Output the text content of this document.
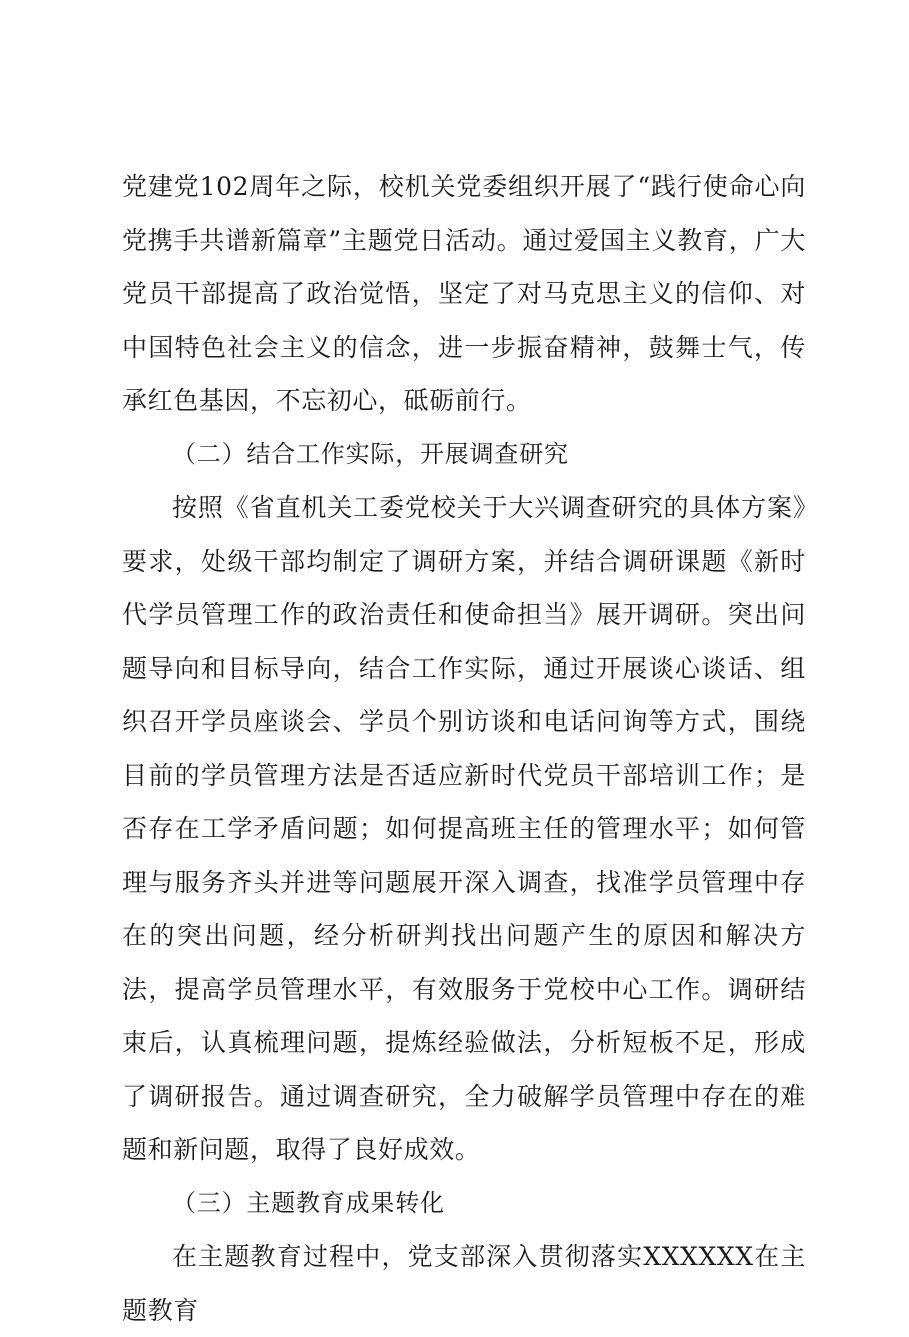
党建党102周年之际，校机关党委组织开展了“践行使命心向党携手共谱新篇章”主题党日活动。通过爱国主义教育，广大党员干部提高了政治觉悟，坚定了对马克思主义的信仰、对中国特色社会主义的信念，进一步振奋精神，鼓舞士气，传承红色基因，不忘初心，砥砺前行。

（二）结合工作实际，开展调查研究

按照《省直机关工委党校关于大兴调查研究的具体方案》要求，处级干部均制定了调研方案，并结合调研课题《新时代学员管理工作的政治责任和使命担当》展开调研。突出问题导向和目标导向，结合工作实际，通过开展谈心谈话、组织召开学员座谈会、学员个别访谈和电话问询等方式，围绕目前的学员管理方法是否适应新时代党员干部培训工作；是否存在工学矛盾问题；如何提高班主任的管理水平；如何管理与服务齐头并进等问题展开深入调查，找准学员管理中存在的突出问题，经分析研判找出问题产生的原因和解决方法，提高学员管理水平，有效服务于党校中心工作。调研结束后，认真梳理问题，提炼经验做法，分析短板不足，形成了调研报告。通过调查研究，全力破解学员管理中存在的难题和新问题，取得了良好成效。

（三）主题教育成果转化

在主题教育过程中，党支部深入贯彻落实XXXXXX在主题教育
